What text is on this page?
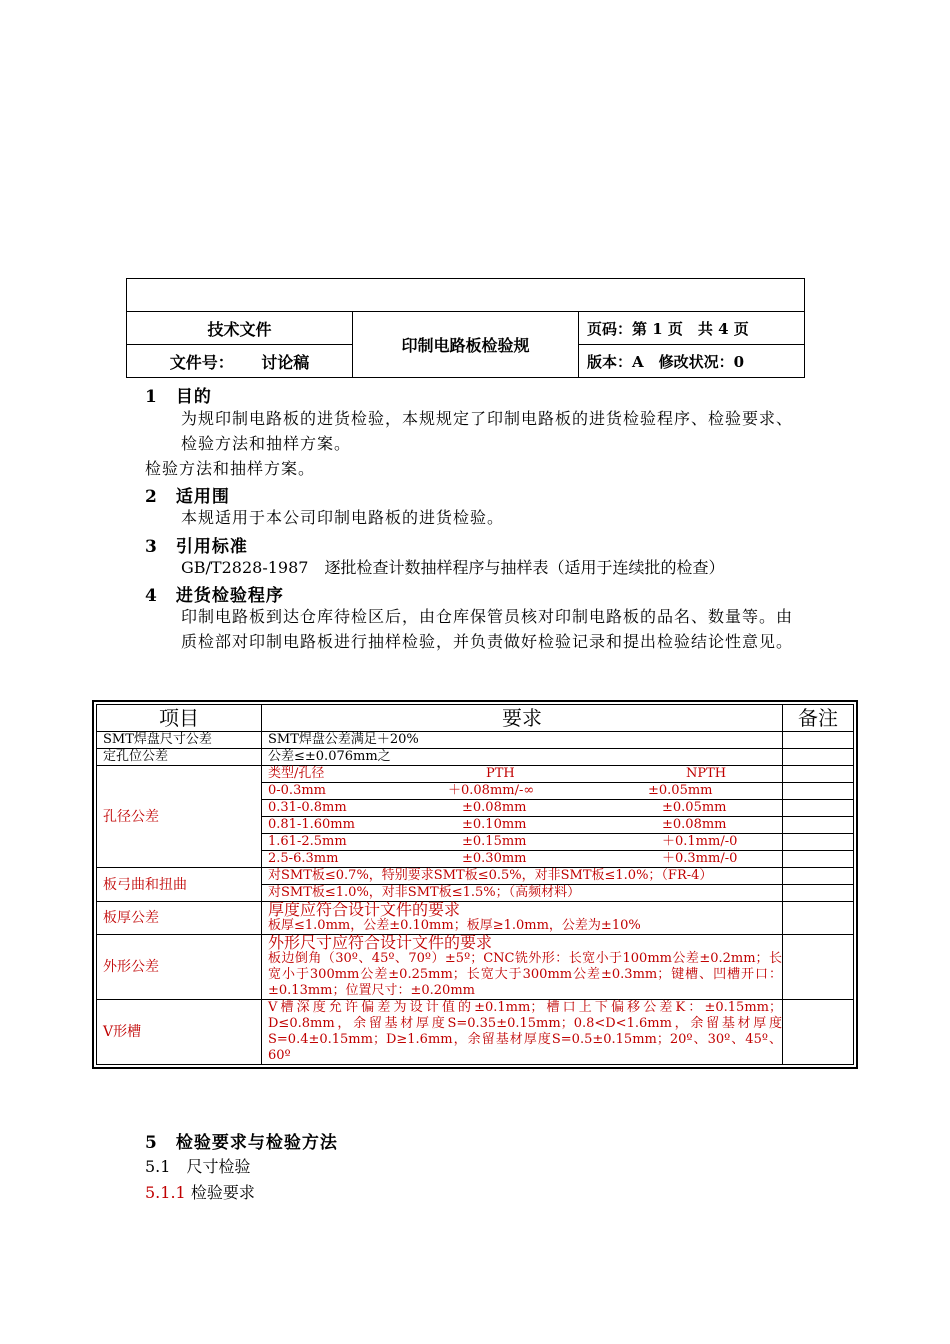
技术文件	印制电路板检验规	页码：第 1 页　共 4 页
文件号： 讨论稿		版本：A　修改状况：0
1　目的
为规印制电路板的进货检验，本规规定了印制电路板的进货检验程序、检验要求、检验方法和抽样方案。
检验方法和抽样方案。
2　适用围
本规适用于本公司印制电路板的进货检验。
3　引用标准
GB/T2828-1987　逐批检查计数抽样程序与抽样表（适用于连续批的检查）
4　进货检验程序
印制电路板到达仓库待检区后，由仓库保管员核对印制电路板的品名、数量等。由质检部对印制电路板进行抽样检验，并负责做好检验记录和提出检验结论性意见。
项目	要求	备注
SMT焊盘尺寸公差	SMT焊盘公差满足＋20%	
定孔位公差	公差≤±0.076mm之	
孔径公差	类型/孔径 PTH NPTH	

	0-0.3mm ＋0.08mm/-∞ ±0.05mm	

	0.31-0.8mm ±0.08mm ±0.05mm	

	0.81-1.60mm ±0.10mm ±0.08mm	

	1.61-2.5mm ±0.15mm ＋0.1mm/-0	

	2.5-6.3mm ±0.30mm ＋0.3mm/-0	

板弓曲和扭曲	对SMT板≤0.7%，特别要求SMT板≤0.5%，对非SMT板≤1.0%；（FR-4）	
	对SMT板≤1.0%，对非SMT板≤1.5%；（高频材料）	
板厚公差	厚度应符合设计文件的要求
板厚≤1.0mm，公差±0.10mm；板厚≥1.0mm，公差为±10%	

外形公差	外形尺寸应符合设计文件的要求
板边倒角（30º、45º、70º）±5º；CNC铣外形：长宽小于100mm公差±0.2mm；长宽小于300mm公差±0.25mm；长宽大于300mm公差±0.3mm；键槽、凹槽开口：±0.13mm；位置尺寸：±0.20mm	

V形槽	V槽深度允许偏差为设计值的±0.1mm；槽口上下偏移公差K：±0.15mm；D≤0.8mm，余留基材厚度S=0.35±0.15mm；0.8<D<1.6mm，余留基材厚度S=0.4±0.15mm；D≥1.6mm，余留基材厚度S=0.5±0.15mm；20º、30º、45º、60º	
5　检验要求与检验方法
5.1　尺寸检验
5.1.1 检验要求
